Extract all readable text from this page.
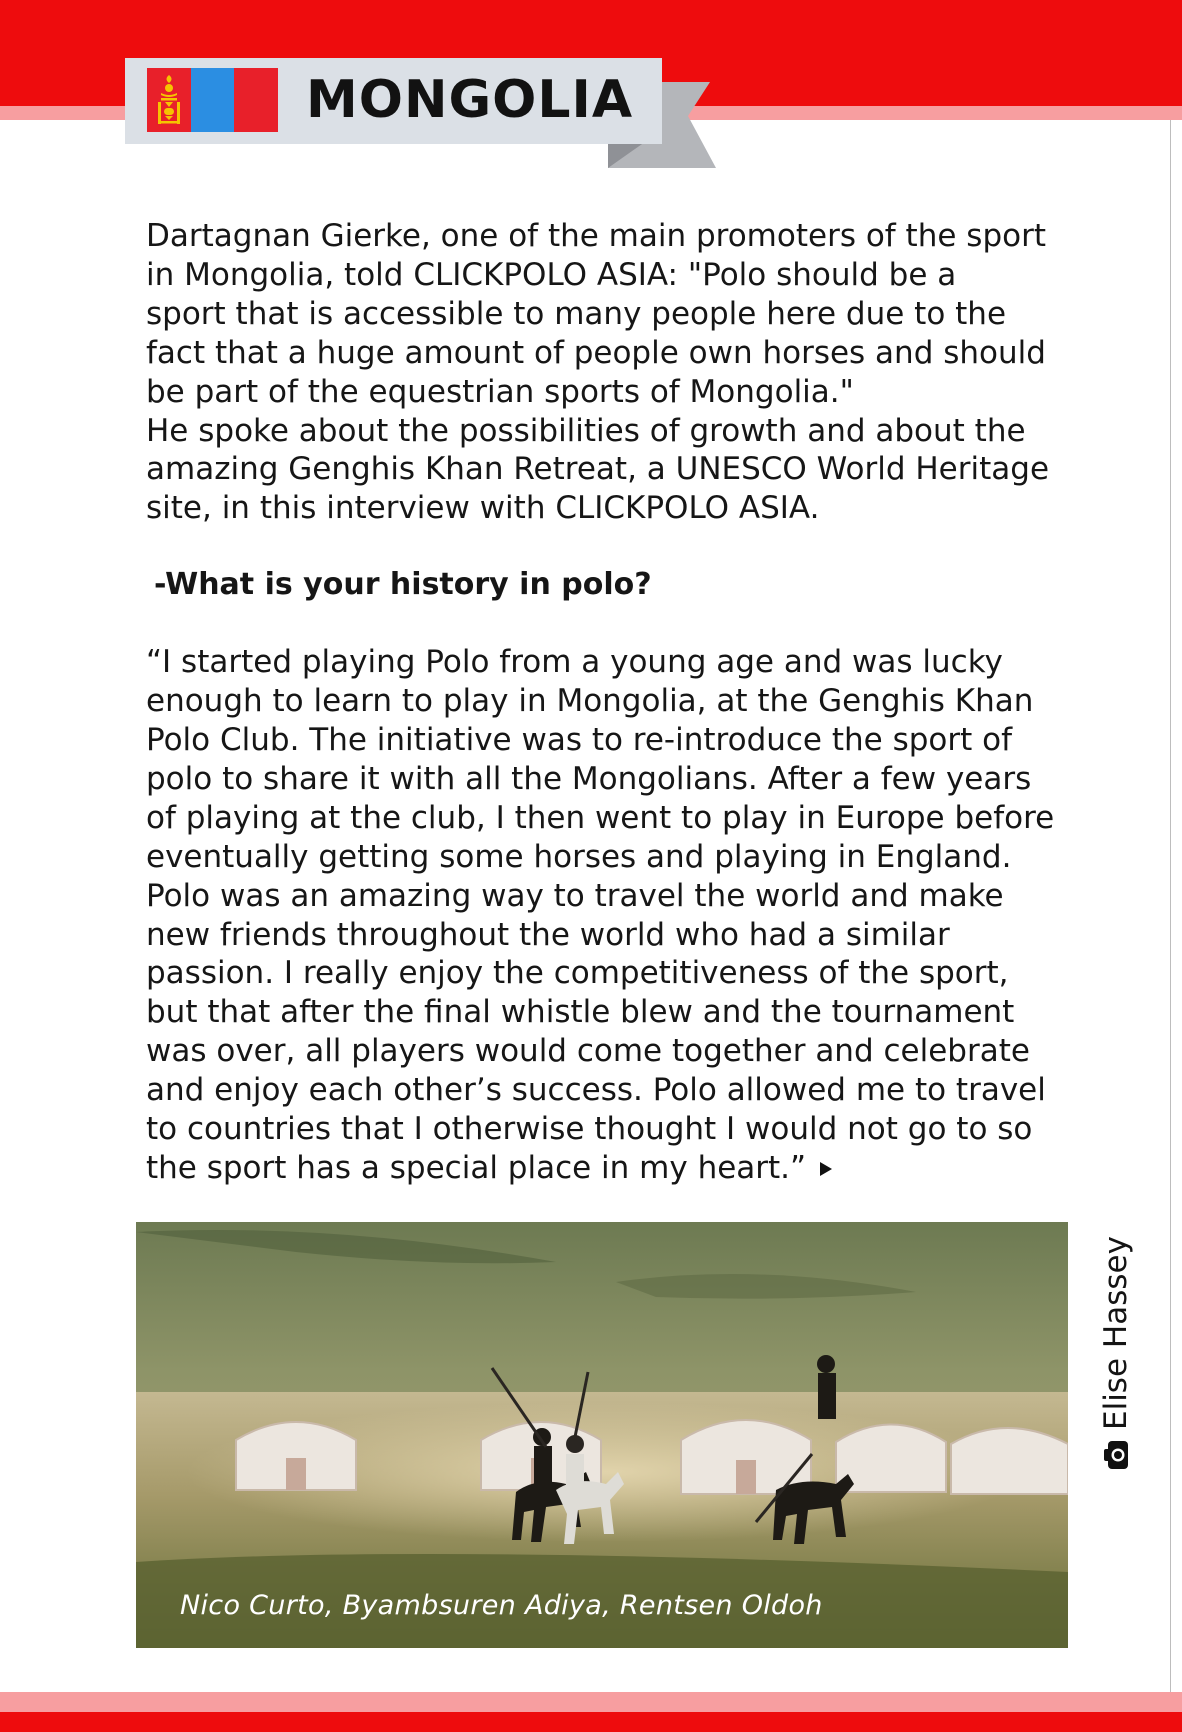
MONGOLIA

Dartagnan Gierke, one of the main promoters of the sport
in Mongolia, told CLICKPOLO ASIA: "Polo should be a
sport that is accessible to many people here due to the
fact that a huge amount of people own horses and should
be part of the equestrian sports of Mongolia."
He spoke about the possibilities of growth and about the
amazing Genghis Khan Retreat, a UNESCO World Heritage
site, in this interview with CLICKPOLO ASIA.

-What is your history in polo?

“I started playing Polo from a young age and was lucky
enough to learn to play in Mongolia, at the Genghis Khan
Polo Club. The initiative was to re-introduce the sport of
polo to share it with all the Mongolians. After a few years
of playing at the club, I then went to play in Europe before
eventually getting some horses and playing in England.
Polo was an amazing way to travel the world and make
new friends throughout the world who had a similar
passion. I really enjoy the competitiveness of the sport,
but that after the final whistle blew and the tournament
was over, all players would come together and celebrate
and enjoy each other’s success. Polo allowed me to travel
to countries that I otherwise thought I would not go to so
the sport has a special place in my heart.”

Nico Curto, Byambsuren Adiya, Rentsen Oldoh
Elise Hassey
